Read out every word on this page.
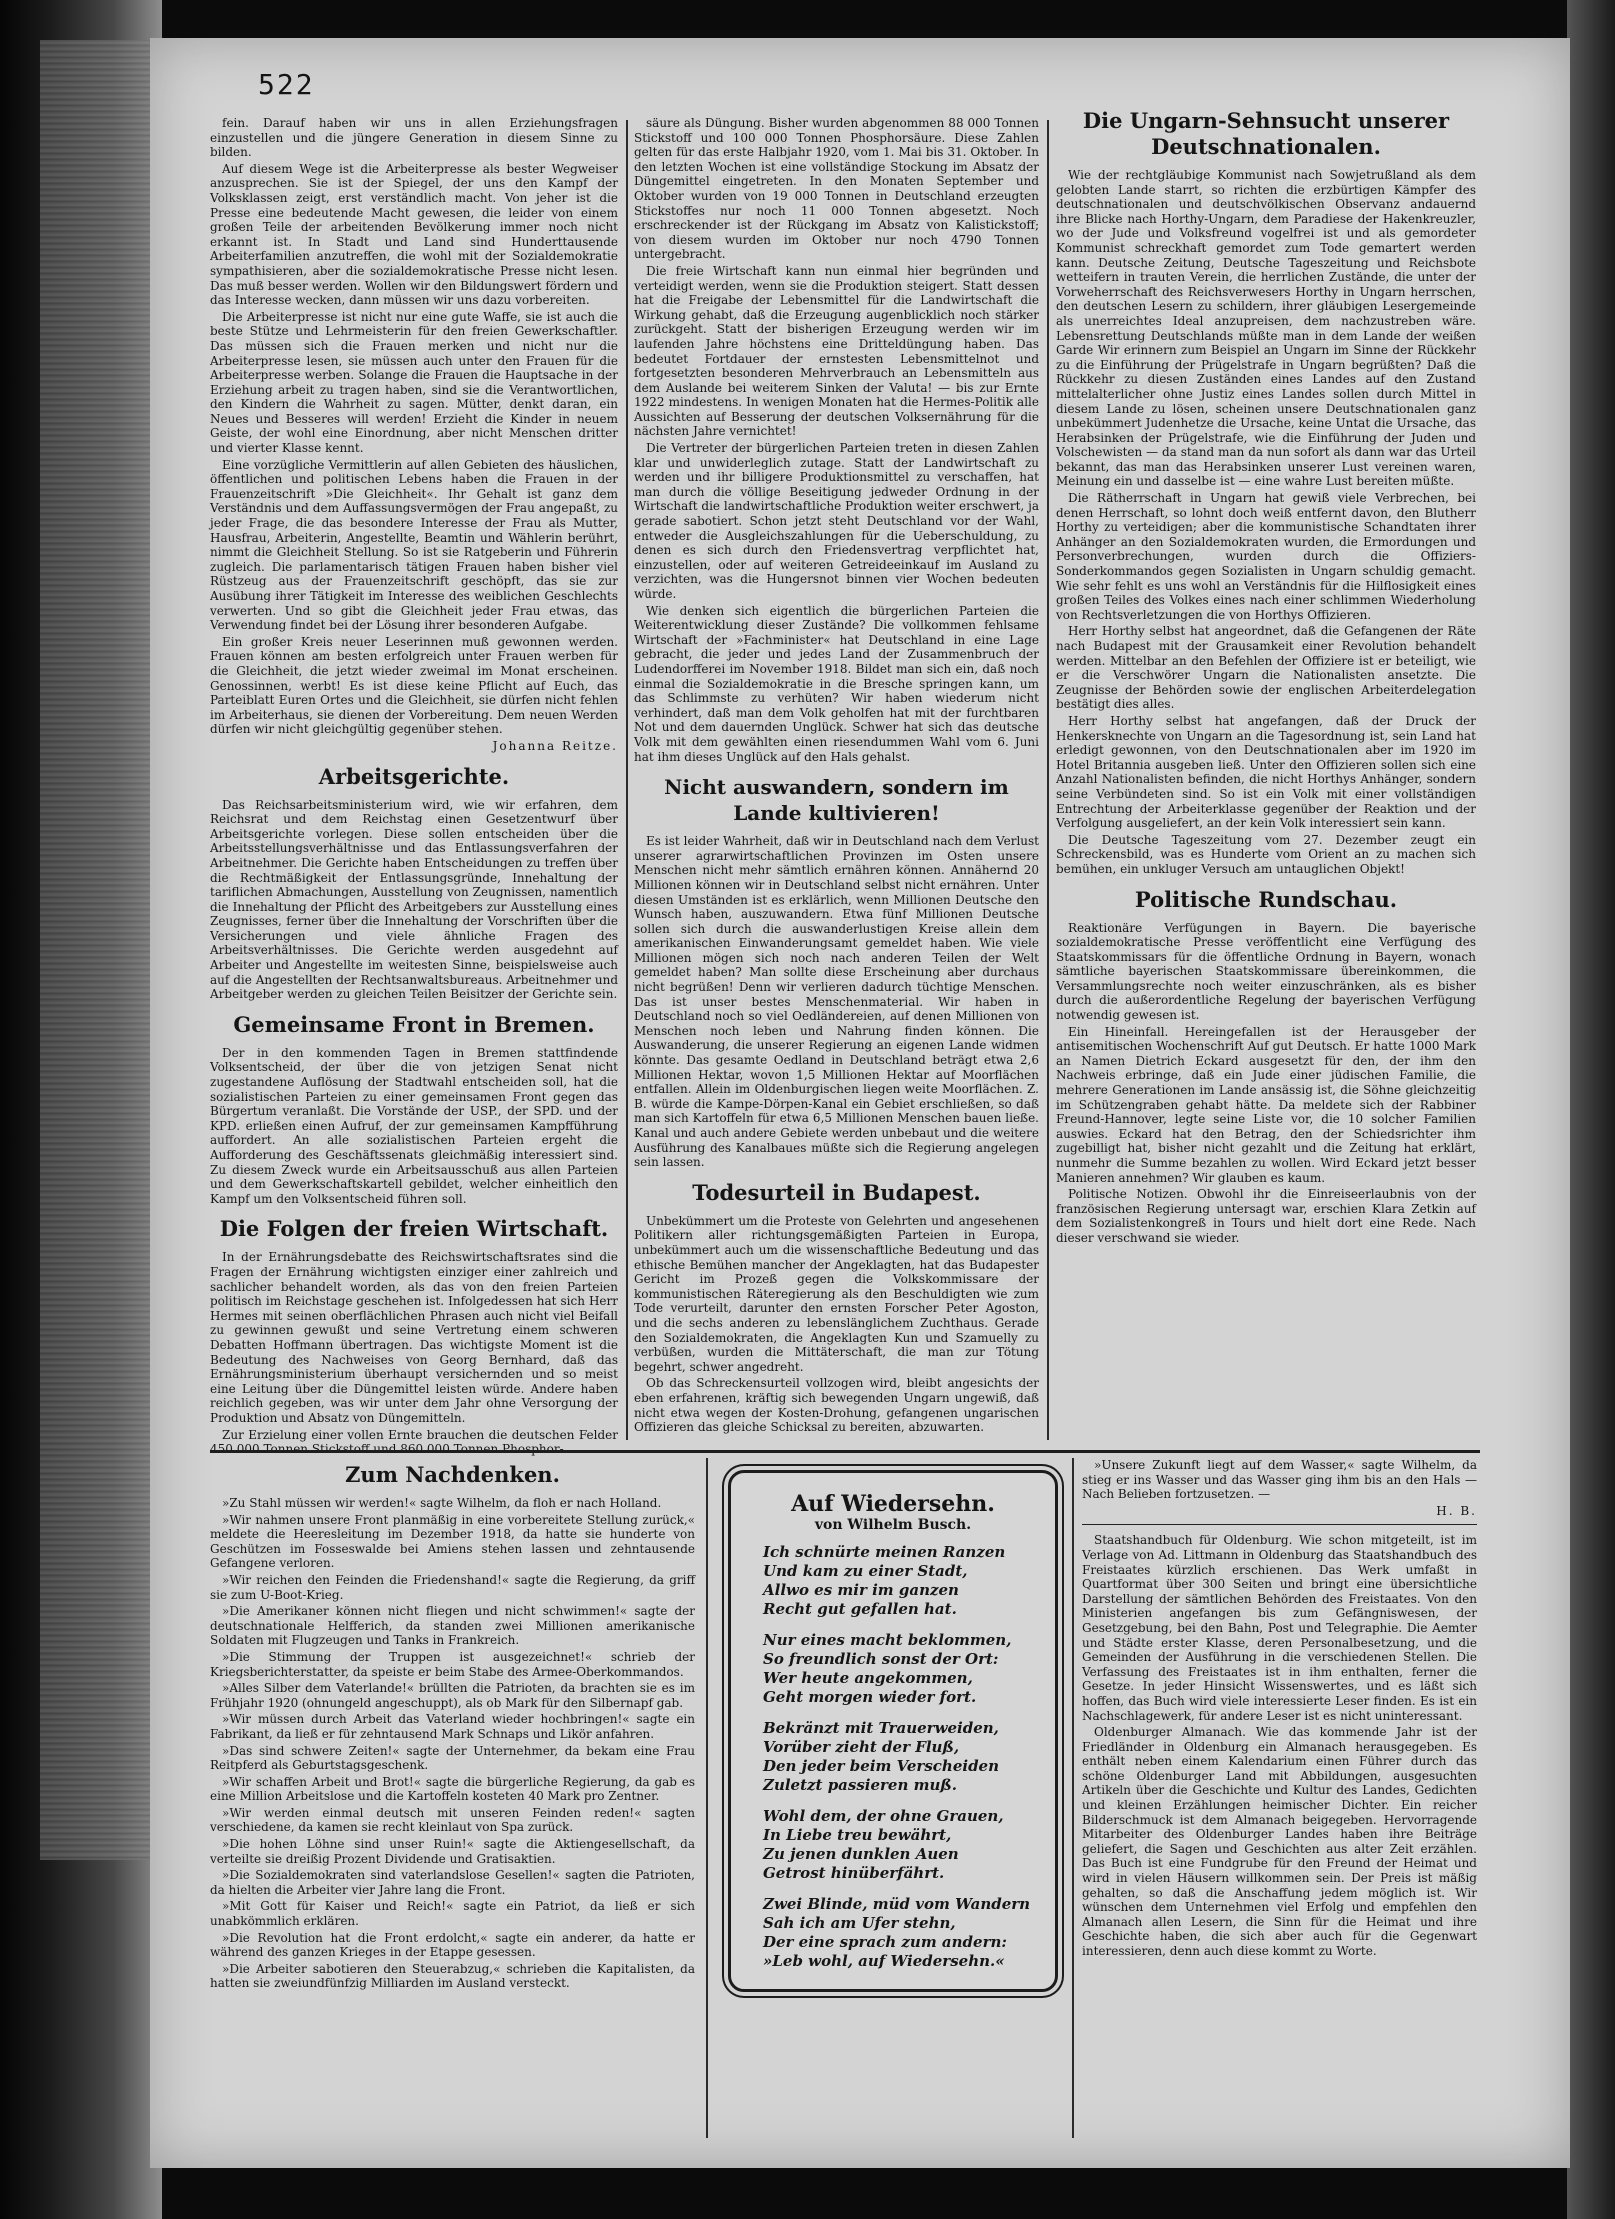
522

fein. Darauf haben wir uns in allen Erziehungsfragen einzustellen und die jüngere Generation in diesem Sinne zu bilden.

Auf diesem Wege ist die Arbeiterpresse als bester Wegweiser anzusprechen. Sie ist der Spiegel, der uns den Kampf der Volksklassen zeigt, erst verständlich macht. Von jeher ist die Presse eine bedeutende Macht gewesen, die leider von einem großen Teile der arbeitenden Bevölkerung immer noch nicht erkannt ist. In Stadt und Land sind Hunderttausende Arbeiterfamilien anzutreffen, die wohl mit der Sozialdemokratie sympathisieren, aber die sozialdemokratische Presse nicht lesen. Das muß besser werden. Wollen wir den Bildungswert fördern und das Interesse wecken, dann müssen wir uns dazu vorbereiten.

Die Arbeiterpresse ist nicht nur eine gute Waffe, sie ist auch die beste Stütze und Lehrmeisterin für den freien Gewerkschaftler. Das müssen sich die Frauen merken und nicht nur die Arbeiterpresse lesen, sie müssen auch unter den Frauen für die Arbeiterpresse werben. Solange die Frauen die Hauptsache in der Erziehung arbeit zu tragen haben, sind sie die Verantwortlichen, den Kindern die Wahrheit zu sagen. Mütter, denkt daran, ein Neues und Besseres will werden! Erzieht die Kinder in neuem Geiste, der wohl eine Einordnung, aber nicht Menschen dritter und vierter Klasse kennt.

Eine vorzügliche Vermittlerin auf allen Gebieten des häuslichen, öffentlichen und politischen Lebens haben die Frauen in der Frauenzeitschrift »Die Gleichheit«. Ihr Gehalt ist ganz dem Verständnis und dem Auffassungsvermögen der Frau angepaßt, zu jeder Frage, die das besondere Interesse der Frau als Mutter, Hausfrau, Arbeiterin, Angestellte, Beamtin und Wählerin berührt, nimmt die Gleichheit Stellung. So ist sie Ratgeberin und Führerin zugleich. Die parlamentarisch tätigen Frauen haben bisher viel Rüstzeug aus der Frauenzeitschrift geschöpft, das sie zur Ausübung ihrer Tätigkeit im Interesse des weiblichen Geschlechts verwerten. Und so gibt die Gleichheit jeder Frau etwas, das Verwendung findet bei der Lösung ihrer besonderen Aufgabe.

Ein großer Kreis neuer Leserinnen muß gewonnen werden. Frauen können am besten erfolgreich unter Frauen werben für die Gleichheit, die jetzt wieder zweimal im Monat erscheinen. Genossinnen, werbt! Es ist diese keine Pflicht auf Euch, das Parteiblatt Euren Ortes und die Gleichheit, sie dürfen nicht fehlen im Arbeiterhaus, sie dienen der Vorbereitung. Dem neuen Werden dürfen wir nicht gleichgültig gegenüber stehen.

Johanna Reitze.

Arbeitsgerichte.

Das Reichsarbeitsministerium wird, wie wir erfahren, dem Reichsrat und dem Reichstag einen Gesetzentwurf über Arbeitsgerichte vorlegen. Diese sollen entscheiden über die Arbeitsstellungsverhältnisse und das Entlassungsverfahren der Arbeitnehmer. Die Gerichte haben Entscheidungen zu treffen über die Rechtmäßigkeit der Entlassungsgründe, Innehaltung der tariflichen Abmachungen, Ausstellung von Zeugnissen, namentlich die Innehaltung der Pflicht des Arbeitgebers zur Ausstellung eines Zeugnisses, ferner über die Innehaltung der Vorschriften über die Versicherungen und viele ähnliche Fragen des Arbeitsverhältnisses. Die Gerichte werden ausgedehnt auf Arbeiter und Angestellte im weitesten Sinne, beispielsweise auch auf die Angestellten der Rechtsanwaltsbureaus. Arbeitnehmer und Arbeitgeber werden zu gleichen Teilen Beisitzer der Gerichte sein.

Gemeinsame Front in Bremen.

Der in den kommenden Tagen in Bremen stattfindende Volksentscheid, der über die von jetzigen Senat nicht zugestandene Auflösung der Stadtwahl entscheiden soll, hat die sozialistischen Parteien zu einer gemeinsamen Front gegen das Bürgertum veranlaßt. Die Vorstände der USP., der SPD. und der KPD. erließen einen Aufruf, der zur gemeinsamen Kampfführung auffordert. An alle sozialistischen Parteien ergeht die Aufforderung des Geschäftssenats gleichmäßig interessiert sind. Zu diesem Zweck wurde ein Arbeitsausschuß aus allen Parteien und dem Gewerkschaftskartell gebildet, welcher einheitlich den Kampf um den Volksentscheid führen soll.

Die Folgen der freien Wirtschaft.

In der Ernährungsdebatte des Reichswirtschaftsrates sind die Fragen der Ernährung wichtigsten einziger einer zahlreich und sachlicher behandelt worden, als das von den freien Parteien politisch im Reichstage geschehen ist. Infolgedessen hat sich Herr Hermes mit seinen oberflächlichen Phrasen auch nicht viel Beifall zu gewinnen gewußt und seine Vertretung einem schweren Debatten Hoffmann übertragen. Das wichtigste Moment ist die Bedeutung des Nachweises von Georg Bernhard, daß das Ernährungsministerium überhaupt versichernden und so meist eine Leitung über die Düngemittel leisten würde. Andere haben reichlich gegeben, was wir unter dem Jahr ohne Versorgung der Produktion und Absatz von Düngemitteln.

Zur Erzielung einer vollen Ernte brauchen die deutschen Felder

säure als Düngung. Bisher wurden abgenommen 88 000 Tonnen Stickstoff und 100 000 Tonnen Phosphorsäure. Diese Zahlen gelten für das erste Halbjahr 1920, vom 1. Mai bis 31. Oktober. In den letzten Wochen ist eine vollständige Stockung im Absatz der Düngemittel eingetreten. In den Monaten September und Oktober wurden von 19 000 Tonnen in Deutschland erzeugten Stickstoffes nur noch 11 000 Tonnen abgesetzt. Noch erschreckender ist der Rückgang im Absatz von Kalistickstoff; von diesem wurden im Oktober nur noch 4790 Tonnen untergebracht.

Die freie Wirtschaft kann nun einmal hier begründen und verteidigt werden, wenn sie die Produktion steigert. Statt dessen hat die Freigabe der Lebensmittel für die Landwirtschaft die Wirkung gehabt, daß die Erzeugung augenblicklich noch stärker zurückgeht. Statt der bisherigen Erzeugung werden wir im laufenden Jahre höchstens eine Dritteldüngung haben. Das bedeutet Fortdauer der ernstesten Lebensmittelnot und fortgesetzten besonderen Mehrverbrauch an Lebensmitteln aus dem Auslande bei weiterem Sinken der Valuta! — bis zur Ernte 1922 mindestens. In wenigen Monaten hat die Hermes-Politik alle Aussichten auf Besserung der deutschen Volksernährung für die nächsten Jahre vernichtet!

Die Vertreter der bürgerlichen Parteien treten in diesen Zahlen klar und unwiderleglich zutage. Statt der Landwirtschaft zu werden und ihr billigere Produktionsmittel zu verschaffen, hat man durch die völlige Beseitigung jedweder Ordnung in der Wirtschaft die landwirtschaftliche Produktion weiter erschwert, ja gerade sabotiert. Schon jetzt steht Deutschland vor der Wahl, entweder die Ausgleichszahlungen für die Ueberschuldung, zu denen es sich durch den Friedensvertrag verpflichtet hat, einzustellen, oder auf weiteren Getreideeinkauf im Ausland zu verzichten, was die Hungersnot binnen vier Wochen bedeuten würde.

Wie denken sich eigentlich die bürgerlichen Parteien die Weiterentwicklung dieser Zustände? Die vollkommen fehlsame Wirtschaft der »Fachminister« hat Deutschland in eine Lage gebracht, die jeder und jedes Land der Zusammenbruch der Ludendorfferei im November 1918. Bildet man sich ein, daß noch einmal die Sozialdemokratie in die Bresche springen kann, um das Schlimmste zu verhüten? Wir haben wiederum nicht verhindert, daß man dem Volk geholfen hat mit der furchtbaren Not und dem dauernden Unglück. Schwer hat sich das deutsche Volk mit dem gewählten einen riesendummen Wahl vom 6. Juni hat ihm dieses Unglück auf den Hals gehalst.

Nicht auswandern, sondern im Lande kultivieren!

Es ist leider Wahrheit, daß wir in Deutschland nach dem Verlust unserer agrarwirtschaftlichen Provinzen im Osten unsere Menschen nicht mehr sämtlich ernähren können. Annähernd 20 Millionen können wir in Deutschland selbst nicht ernähren. Unter diesen Umständen ist es erklärlich, wenn Millionen Deutsche den Wunsch haben, auszuwandern. Etwa fünf Millionen Deutsche sollen sich durch die auswanderlustigen Kreise allein dem amerikanischen Einwanderungsamt gemeldet haben. Wie viele Millionen mögen sich noch nach anderen Teilen der Welt gemeldet haben? Man sollte diese Erscheinung aber durchaus nicht begrüßen! Denn wir verlieren dadurch tüchtige Menschen. Das ist unser bestes Menschenmaterial. Wir haben in Deutschland noch so viel Oedländereien, auf denen Millionen von Menschen noch leben und Nahrung finden können. Die Auswanderung, die unserer Regierung an eigenen Lande widmen könnte. Das gesamte Oedland in Deutschland beträgt etwa 2,6 Millionen Hektar, wovon 1,5 Millionen Hektar auf Moorflächen entfallen. Allein im Oldenburgischen liegen weite Moorflächen. Z. B. würde die Kampe-Dörpen-Kanal ein Gebiet erschließen, so daß man sich Kartoffeln für etwa 6,5 Millionen Menschen bauen ließe. Kanal und auch andere Gebiete werden unbebaut und die weitere Ausführung des Kanalbaues müßte sich die Regierung angelegen sein lassen.

Todesurteil in Budapest.

Unbekümmert um die Proteste von Gelehrten und angesehenen Politikern aller richtungsgemäßigten Parteien in Europa, unbekümmert auch um die wissenschaftliche Bedeutung und das ethische Bemühen mancher der Angeklagten, hat das Budapester Gericht im Prozeß gegen die Volkskommissare der kommunistischen Räteregierung als den Beschuldigten wie zum Tode verurteilt, darunter den ernsten Forscher Peter Agoston, und die sechs anderen zu lebenslänglichem Zuchthaus. Gerade den Sozialdemokraten, die Angeklagten Kun und Szamuelly zu verbüßen, wurden die Mittäterschaft, die man zur Tötung begehrt, schwer angedreht.

Ob das Schreckensurteil vollzogen wird, bleibt angesichts der eben erfahrenen, kräftig sich bewegenden Ungarn ungewiß, daß nicht etwa wegen der Kosten-Drohung, gefangenen ungarischen Offizieren das gleiche Schicksal zu bereiten, abzuwarten.

Die Ungarn-Sehnsucht unserer Deutschnationalen.

Wie der rechtgläubige Kommunist nach Sowjetrußland als dem gelobten Lande starrt, so richten die erzbürtigen Kämpfer des deutschnationalen und deutschvölkischen Observanz andauernd ihre Blicke nach Horthy-Ungarn, dem Paradiese der Hakenkreuzler, wo der Jude und Volksfreund vogelfrei ist und als gemordeter Kommunist schreckhaft gemordet zum Tode gemartert werden kann. Deutsche Zeitung, Deutsche Tageszeitung und Reichsbote wetteifern in trauten Verein, die herrlichen Zustände, die unter der Vorweherrschaft des Reichsverwesers Horthy in Ungarn herrschen, den deutschen Lesern zu schildern, ihrer gläubigen Lesergemeinde als unerreichtes Ideal anzupreisen, dem nachzustreben wäre. Lebensrettung Deutschlands müßte man in dem Lande der weißen Garde Wir erinnern zum Beispiel an Ungarn im Sinne der Rückkehr zu die Einführung der Prügelstrafe in Ungarn begrüßten? Daß die Rückkehr zu diesen Zuständen eines Landes auf den Zustand mittelalterlicher ohne Justiz eines Landes sollen durch Mittel in diesem Lande zu lösen, scheinen unsere Deutschnationalen ganz unbekümmert Judenhetze die Ursache, keine Untat die Ursache, das Herabsinken der Prügelstrafe, wie die Einführung der Juden und Volschewisten — da stand man da nun sofort als dann war das Urteil bekannt, das man das Herabsinken unserer Lust vereinen waren, Meinung ein und dasselbe ist — eine wahre Lust bereiten müßte.

Die Rätherrschaft in Ungarn hat gewiß viele Verbrechen, bei denen Herrschaft, so lohnt doch weiß entfernt davon, den Blutherr Horthy zu verteidigen; aber die kommunistische Schandtaten ihrer Anhänger an den Sozialdemokraten wurden, die Ermordungen und Personverbrechungen, wurden durch die Offiziers-Sonderkommandos gegen Sozialisten in Ungarn schuldig gemacht. Wie sehr fehlt es uns wohl an Verständnis für die Hilflosigkeit eines großen Teiles des Volkes eines nach einer schlimmen Wiederholung von Rechtsverletzungen die von Horthys Offizieren.

Herr Horthy selbst hat angeordnet, daß die Gefangenen der Räte nach Budapest mit der Grausamkeit einer Revolution behandelt werden. Mittelbar an den Befehlen der Offiziere ist er beteiligt, wie er die Verschwörer Ungarn die Nationalisten ansetzte. Die Zeugnisse der Behörden sowie der englischen Arbeiterdelegation bestätigt dies alles.

Herr Horthy selbst hat angefangen, daß der Druck der Henkersknechte von Ungarn an die Tagesordnung ist, sein Land hat erledigt gewonnen, von den Deutschnationalen aber im 1920 im Hotel Britannia ausgeben ließ. Unter den Offizieren sollen sich eine Anzahl Nationalisten befinden, die nicht Horthys Anhänger, sondern seine Verbündeten sind. So ist ein Volk mit einer vollständigen Entrechtung der Arbeiterklasse gegenüber der Reaktion und der Verfolgung ausgeliefert, an der kein Volk interessiert sein kann.

Die Deutsche Tageszeitung vom 27. Dezember zeugt ein Schreckensbild, was es Hunderte vom Orient an zu machen sich bemühen, ein unkluger Versuch am untauglichen Objekt!

Politische Rundschau.

Reaktionäre Verfügungen in Bayern. Die bayerische sozialdemokratische Presse veröffentlicht eine Verfügung des Staatskommissars für die öffentliche Ordnung in Bayern, wonach sämtliche bayerischen Staatskommissare übereinkommen, die Versammlungsrechte noch weiter einzuschränken, als es bisher durch die außerordentliche Regelung der bayerischen Verfügung notwendig gewesen ist.

Ein Hineinfall. Hereingefallen ist der Herausgeber der antisemitischen Wochenschrift Auf gut Deutsch. Er hatte 1000 Mark an Namen Dietrich Eckard ausgesetzt für den, der ihm den Nachweis erbringe, daß ein Jude einer jüdischen Familie, die mehrere Generationen im Lande ansässig ist, die Söhne gleichzeitig im Schützengraben gehabt hätte. Da meldete sich der Rabbiner Freund-Hannover, legte seine Liste vor, die 10 solcher Familien auswies. Eckard hat den Betrag, den der Schiedsrichter ihm zugebilligt hat, bisher nicht gezahlt und die Zeitung hat erklärt, nunmehr die Summe bezahlen zu wollen. Wird Eckard jetzt besser Manieren annehmen? Wir glauben es kaum.

Politische Notizen. Obwohl ihr die Einreiseerlaubnis von der französischen Regierung untersagt war, erschien Klara Zetkin auf dem Sozialistenkongreß in Tours und hielt dort eine Rede. Nach dieser verschwand sie wieder.

Zum Nachdenken.

»Zu Stahl müssen wir werden!« sagte Wilhelm, da floh er nach Holland.

»Wir nahmen unsere Front planmäßig in eine vorbereitete Stellung zurück,« meldete die Heeresleitung im Dezember 1918, da hatte sie hunderte von Geschützen im Fosseswalde bei Amiens stehen lassen und zehntausende Gefangene verloren.

»Wir reichen den Feinden die Friedenshand!« sagte die Regierung, da griff sie zum U-Boot-Krieg.

»Die Amerikaner können nicht fliegen und nicht schwimmen!« sagte der deutschnationale Helfferich, da standen zwei Millionen amerikanische Soldaten mit Flugzeugen und Tanks in Frankreich.

»Die Stimmung der Truppen ist ausgezeichnet!« schrieb der Kriegsberichterstatter, da speiste er beim Stabe des Armee-Oberkommandos.

»Alles Silber dem Vaterlande!« brüllten die Patrioten, da brachten sie es im Frühjahr 1920 (ohnungeld angeschuppt), als ob Mark für den Silbernapf gab.

»Wir müssen durch Arbeit das Vaterland wieder hochbringen!« sagte ein Fabrikant, da ließ er für zehntausend Mark Schnaps und Likör anfahren.

»Das sind schwere Zeiten!« sagte der Unternehmer, da bekam eine Frau Reitpferd als Geburtstagsgeschenk.

»Wir schaffen Arbeit und Brot!« sagte die bürgerliche Regierung, da gab es eine Million Arbeitslose und die Kartoffeln kosteten 40 Mark pro Zentner.

»Wir werden einmal deutsch mit unseren Feinden reden!« sagten verschiedene, da kamen sie recht kleinlaut von Spa zurück.

»Die hohen Löhne sind unser Ruin!« sagte die Aktiengesellschaft, da verteilte sie dreißig Prozent Dividende und Gratisaktien.

»Die Sozialdemokraten sind vaterlandslose Gesellen!« sagten die Patrioten, da hielten die Arbeiter vier Jahre lang die Front.

»Mit Gott für Kaiser und Reich!« sagte ein Patriot, da ließ er sich unabkömmlich erklären.

»Die Revolution hat die Front erdolcht,« sagte ein anderer, da hatte er während des ganzen Krieges in der Etappe gesessen.

»Die Arbeiter sabotieren den Steuerabzug,« schrieben die Kapitalisten, da hatten sie zweiundfünfzig Milliarden im Ausland versteckt.

Auf Wiedersehn.
von Wilhelm Busch.
Ich schnürte meinen Ranzen
Und kam zu einer Stadt,
Allwo es mir im ganzen
Recht gut gefallen hat.
Nur eines macht beklommen,
So freundlich sonst der Ort:
Wer heute angekommen,
Geht morgen wieder fort.
Bekränzt mit Trauerweiden,
Vorüber zieht der Fluß,
Den jeder beim Verscheiden
Zuletzt passieren muß.
Wohl dem, der ohne Grauen,
In Liebe treu bewährt,
Zu jenen dunklen Auen
Getrost hinüberfährt.
Zwei Blinde, müd vom Wandern
Sah ich am Ufer stehn,
Der eine sprach zum andern:
»Leb wohl, auf Wiedersehn.«

»Unsere Zukunft liegt auf dem Wasser,« sagte Wilhelm, da stieg er ins Wasser und das Wasser ging ihm bis an den Hals — Nach Belieben fortzusetzen. —

H. B.

Staatshandbuch für Oldenburg. Wie schon mitgeteilt, ist im Verlage von Ad. Littmann in Oldenburg das Staatshandbuch des Freistaates kürzlich erschienen. Das Werk umfaßt in Quartformat über 300 Seiten und bringt eine übersichtliche Darstellung der sämtlichen Behörden des Freistaates. Von den Ministerien angefangen bis zum Gefängniswesen, der Gesetzgebung, bei den Bahn, Post und Telegraphie. Die Aemter und Städte erster Klasse, deren Personalbesetzung, und die Gemeinden der Ausführung in die verschiedenen Stellen. Die Verfassung des Freistaates ist in ihm enthalten, ferner die Gesetze. In jeder Hinsicht Wissenswertes, und es läßt sich hoffen, das Buch wird viele interessierte Leser finden. Es ist ein Nachschlagewerk, für andere Leser ist es nicht uninteressant.

Oldenburger Almanach. Wie das kommende Jahr ist der Friedländer in Oldenburg ein Almanach herausgegeben. Es enthält neben einem Kalendarium einen Führer durch das schöne Oldenburger Land mit Abbildungen, ausgesuchten Artikeln über die Geschichte und Kultur des Landes, Gedichten und kleinen Erzählungen heimischer Dichter. Ein reicher Bilderschmuck ist dem Almanach beigegeben. Hervorragende Mitarbeiter des Oldenburger Landes haben ihre Beiträge geliefert, die Sagen und Geschichten aus alter Zeit erzählen. Das Buch ist eine Fundgrube für den Freund der Heimat und wird in vielen Häusern willkommen sein. Der Preis ist mäßig gehalten, so daß die Anschaffung jedem möglich ist. Wir wünschen dem Unternehmen viel Erfolg und empfehlen den Almanach allen Lesern, die Sinn für die Heimat und ihre Geschichte haben, die sich aber auch für die Gegenwart interessieren, denn auch diese kommt zu Worte.
